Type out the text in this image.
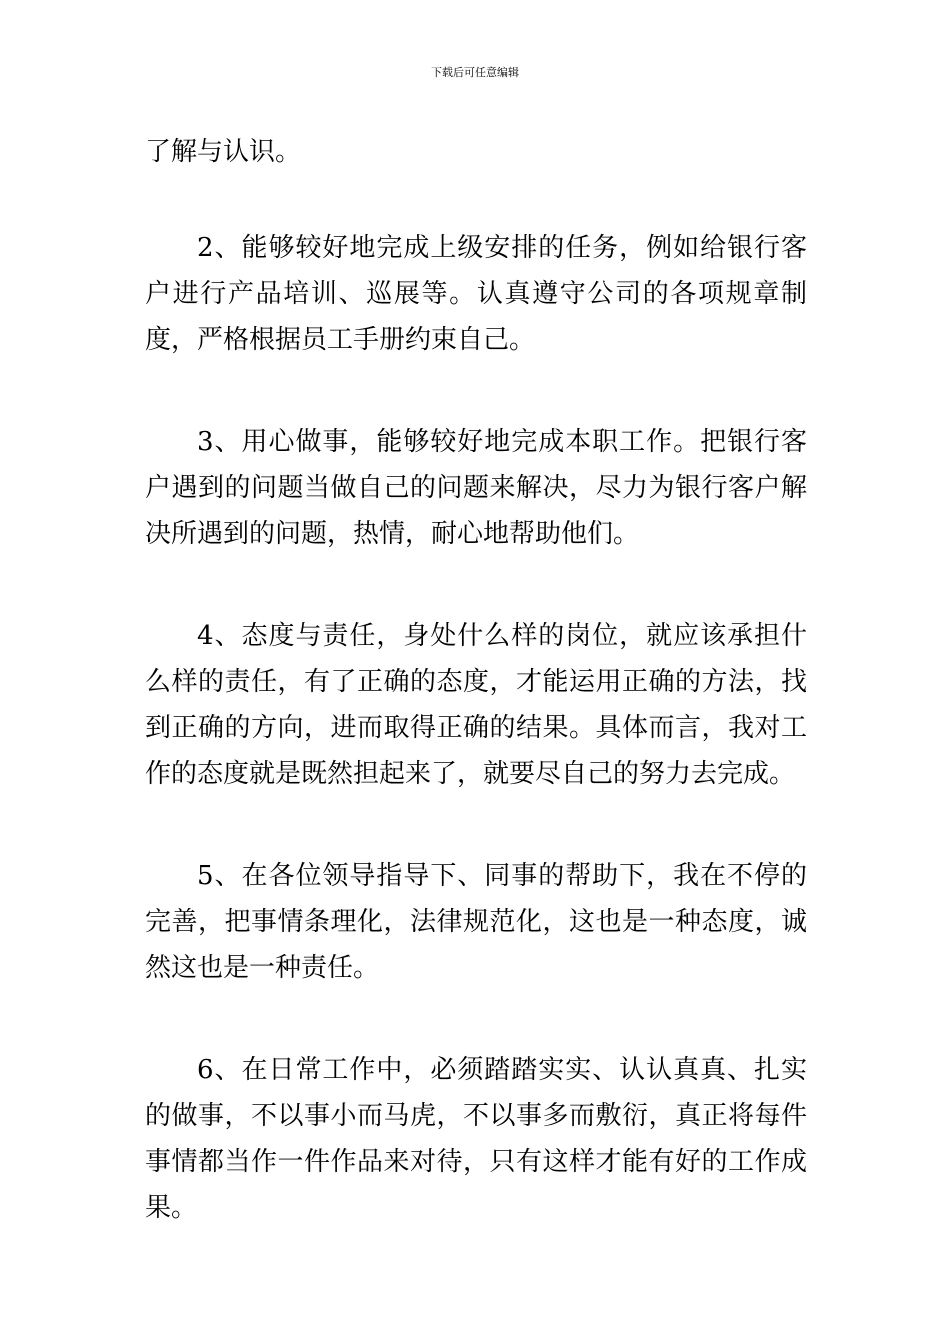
下载后可任意编辑

了解与认识。

2、能够较好地完成上级安排的任务，例如给银行客户进行产品培训、巡展等。认真遵守公司的各项规章制度，严格根据员工手册约束自己。

3、用心做事，能够较好地完成本职工作。把银行客户遇到的问题当做自己的问题来解决，尽力为银行客户解决所遇到的问题，热情，耐心地帮助他们。

4、态度与责任，身处什么样的岗位，就应该承担什么样的责任，有了正确的态度，才能运用正确的方法，找到正确的方向，进而取得正确的结果。具体而言，我对工作的态度就是既然担起来了，就要尽自己的努力去完成。

5、在各位领导指导下、同事的帮助下，我在不停的完善，把事情条理化，法律规范化，这也是一种态度，诚然这也是一种责任。

6、在日常工作中，必须踏踏实实、认认真真、扎实的做事，不以事小而马虎，不以事多而敷衍，真正将每件事情都当作一件作品来对待，只有这样才能有好的工作成果。
